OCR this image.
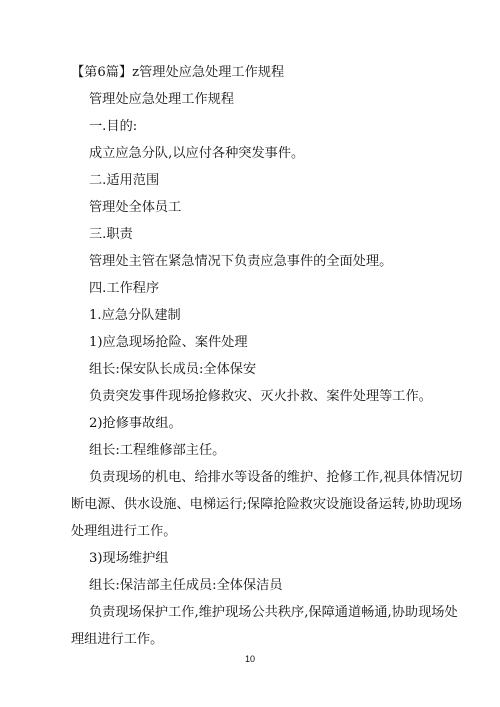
【第6篇】z管理处应急处理工作规程
管理处应急处理工作规程
一.目的:
成立应急分队,以应付各种突发事件。
二.适用范围
管理处全体员工
三.职责
管理处主管在紧急情况下负责应急事件的全面处理。
四.工作程序
1.应急分队建制
1)应急现场抢险、案件处理
组长:保安队长成员:全体保安
负责突发事件现场抢修救灾、灭火扑救、案件处理等工作。
2)抢修事故组。
组长:工程维修部主任。
负责现场的机电、给排水等设备的维护、抢修工作,视具体情况切
断电源、供水设施、电梯运行;保障抢险救灾设施设备运转,协助现场
处理组进行工作。
3)现场维护组
组长:保洁部主任成员:全体保洁员
负责现场保护工作,维护现场公共秩序,保障通道畅通,协助现场处
理组进行工作。
10
